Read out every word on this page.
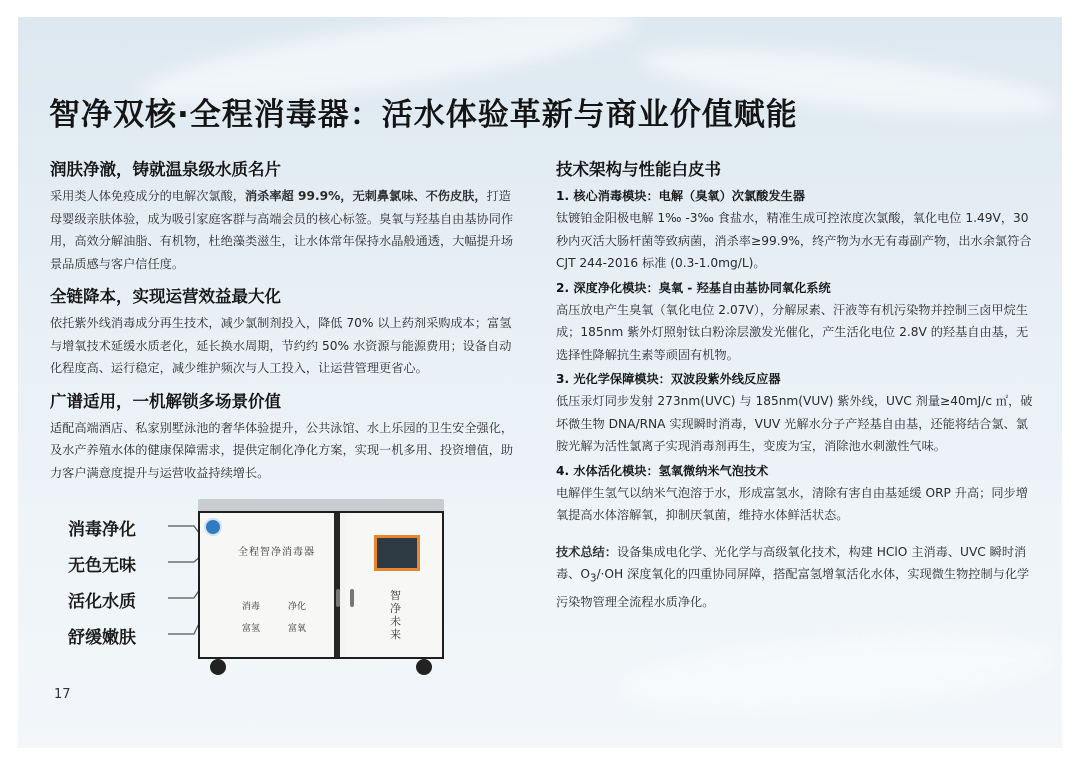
智净双核·全程消毒器：活水体验革新与商业价值赋能
润肤净澈，铸就温泉级水质名片

采用类人体免疫成分的电解次氯酸，消杀率超 99.9%，无刺鼻氯味、不伤皮肤，打造母婴级亲肤体验，成为吸引家庭客群与高端会员的核心标签。臭氧与羟基自由基协同作用，高效分解油脂、有机物，杜绝藻类滋生，让水体常年保持水晶般通透，大幅提升场景品质感与客户信任度。

全链降本，实现运营效益最大化

依托紫外线消毒成分再生技术，减少氯制剂投入，降低 70% 以上药剂采购成本；富氢与增氧技术延缓水质老化，延长换水周期，节约约 50% 水资源与能源费用；设备自动化程度高、运行稳定，减少维护频次与人工投入，让运营管理更省心。

广谱适用，一机解锁多场景价值

适配高端酒店、私家别墅泳池的奢华体验提升，公共泳馆、水上乐园的卫生安全强化，及水产养殖水体的健康保障需求，提供定制化净化方案，实现一机多用、投资增值，助力客户满意度提升与运营收益持续增长。

消毒净化
无色无味
活化水质
舒缓嫩肤
全程智净消毒器
消毒	净化
富氢	富氧
智净未来
技术架构与性能白皮书
1. 核心消毒模块：电解（臭氧）次氯酸发生器

钛镀铂金阳极电解 1‰ -3‰ 食盐水，精准生成可控浓度次氯酸，氧化电位 1.49V，30 秒内灭活大肠杆菌等致病菌，消杀率≥99.9%，终产物为水无有毒副产物，出水余氯符合 CJT 244-2016 标准 (0.3-1.0mg/L)。

2. 深度净化模块：臭氧 - 羟基自由基协同氧化系统

高压放电产生臭氧（氧化电位 2.07V），分解尿素、汗液等有机污染物并控制三卤甲烷生成；185nm 紫外灯照射钛白粉涂层激发光催化，产生活化电位 2.8V 的羟基自由基，无选择性降解抗生素等顽固有机物。

3. 光化学保障模块：双波段紫外线反应器

低压汞灯同步发射 273nm(UVC) 与 185nm(VUV) 紫外线，UVC 剂量≥40mJ/c ㎡，破坏微生物 DNA/RNA 实现瞬时消毒，VUV 光解水分子产羟基自由基，还能将结合氯、氯胺光解为活性氯离子实现消毒剂再生，变废为宝，消除池水刺激性气味。

4. 水体活化模块：氢氧微纳米气泡技术

电解伴生氢气以纳米气泡溶于水，形成富氢水，清除有害自由基延缓 ORP 升高；同步增氧提高水体溶解氧，抑制厌氧菌，维持水体鲜活状态。

技术总结：设备集成电化学、光化学与高级氧化技术，构建 HClO 主消毒、UVC 瞬时消毒、$O_3/\cdot OH$ 深度氧化的四重协同屏障，搭配富氢增氧活化水体，实现微生物控制与化学污染物管理全流程水质净化。

17
